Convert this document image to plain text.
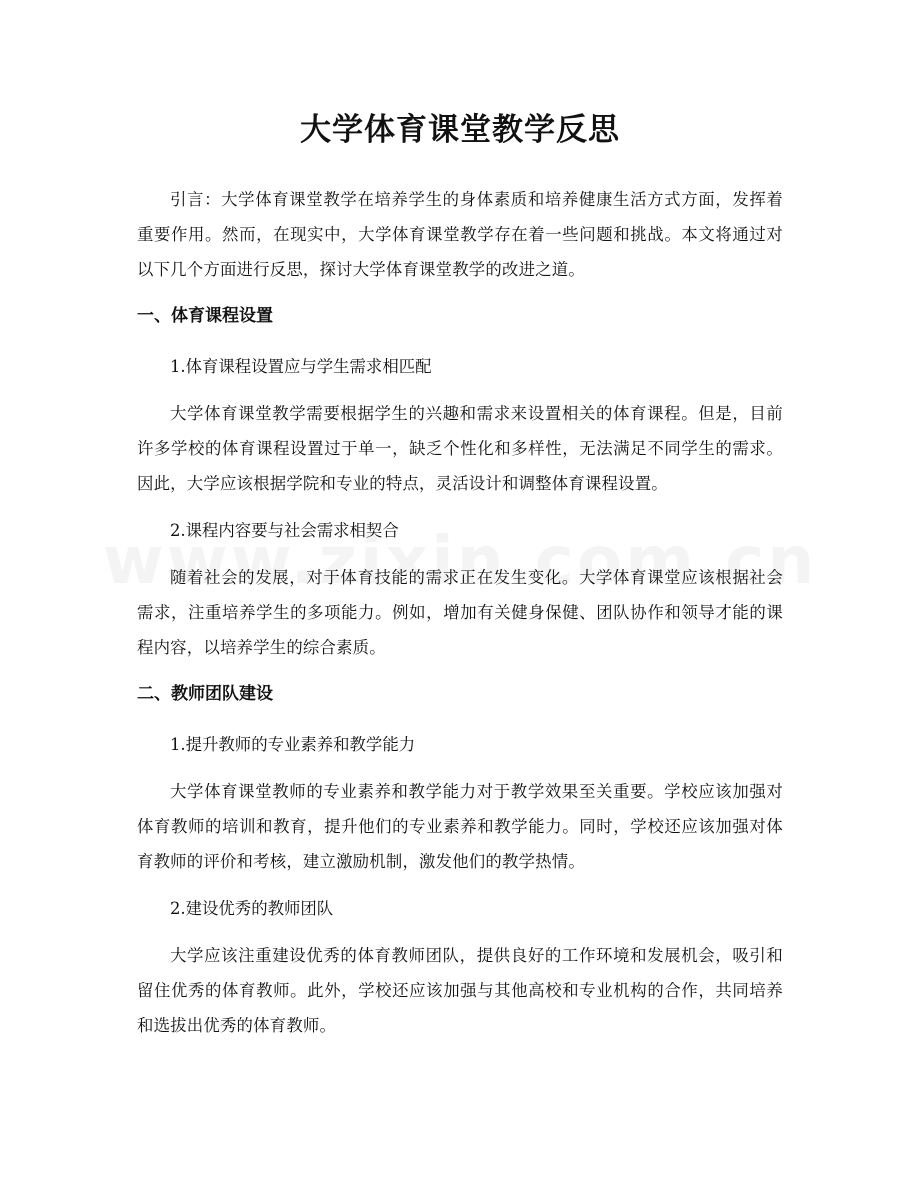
大学体育课堂教学反思

引言：大学体育课堂教学在培养学生的身体素质和培养健康生活方式方面，发挥着重要作用。然而，在现实中，大学体育课堂教学存在着一些问题和挑战。本文将通过对以下几个方面进行反思，探讨大学体育课堂教学的改进之道。

一、体育课程设置

1.体育课程设置应与学生需求相匹配

大学体育课堂教学需要根据学生的兴趣和需求来设置相关的体育课程。但是，目前许多学校的体育课程设置过于单一，缺乏个性化和多样性，无法满足不同学生的需求。因此，大学应该根据学院和专业的特点，灵活设计和调整体育课程设置。

2.课程内容要与社会需求相契合

随着社会的发展，对于体育技能的需求正在发生变化。大学体育课堂应该根据社会需求，注重培养学生的多项能力。例如，增加有关健身保健、团队协作和领导才能的课程内容，以培养学生的综合素质。

二、教师团队建设

1.提升教师的专业素养和教学能力

大学体育课堂教师的专业素养和教学能力对于教学效果至关重要。学校应该加强对体育教师的培训和教育，提升他们的专业素养和教学能力。同时，学校还应该加强对体育教师的评价和考核，建立激励机制，激发他们的教学热情。

2.建设优秀的教师团队

大学应该注重建设优秀的体育教师团队，提供良好的工作环境和发展机会，吸引和留住优秀的体育教师。此外，学校还应该加强与其他高校和专业机构的合作，共同培养和选拔出优秀的体育教师。
